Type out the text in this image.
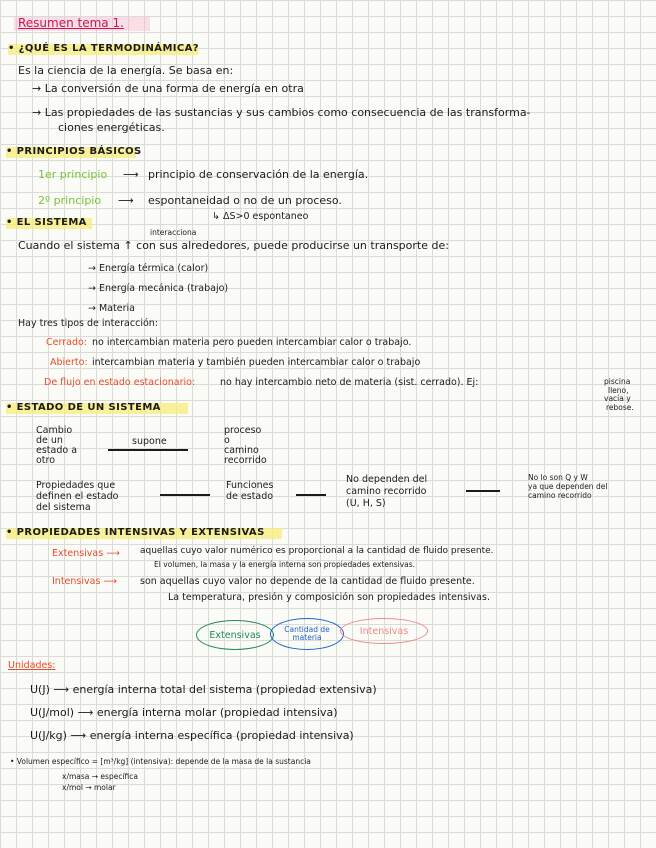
Resumen tema 1.
• ¿QUÉ ES LA TERMODINÁMICA?
Es la ciencia de la energía. Se basa en:
→ La conversión de una forma de energía en otra
→ Las propiedades de las sustancias y sus cambios como consecuencia de las transforma-
ciones energéticas.
• PRINCIPIOS BÁSICOS
1er principio ⟶ principio de conservación de la energía.
2º principio ⟶ espontaneidad o no de un proceso.
↳ ΔS>0 espontaneo
• EL SISTEMA
interacciona
Cuando el sistema ↑ con sus alrededores, puede producirse un transporte de:
→ Energía térmica (calor)
→ Energía mecánica (trabajo)
→ Materia
Hay tres tipos de interacción:
Cerrado: no intercambian materia pero pueden intercambiar calor o trabajo.
Abierto: intercambian materia y también pueden intercambiar calor o trabajo
De flujo en estado estacionario:	no hay intercambio neto de materia (sist. cerrado). Ej:	piscina
lleno,
vacía y
rebose.
• ESTADO DE UN SISTEMA
Cambio
de un
estado a
otro
supone
proceso
o
camino
recorrido
Propiedades que
definen el estado
del sistema
Funciones
de estado
No dependen del
camino recorrido
(U, H, S)
No lo son Q y W
ya que dependen del
camino recorrido
• PROPIEDADES INTENSIVAS Y EXTENSIVAS
Extensivas ⟶ aquellas cuyo valor numérico es proporcional a la cantidad de fluido presente.
El volumen, la masa y la energía interna son propiedades extensivas.
Intensivas ⟶ son aquellas cuyo valor no depende de la cantidad de fluido presente.
La temperatura, presión y composición son propiedades intensivas.
Extensivas	Cantidad de
materia
Intensivas
Unidades:
U(J) ⟶ energía interna total del sistema (propiedad extensiva)
U(J/mol) ⟶ energía interna molar (propiedad intensiva)
U(J/kg) ⟶ energía interna específica (propiedad intensiva)
• Volumen específico = [m³/kg] (intensiva): depende de la masa de la sustancia
x/masa → específica
x/mol → molar
